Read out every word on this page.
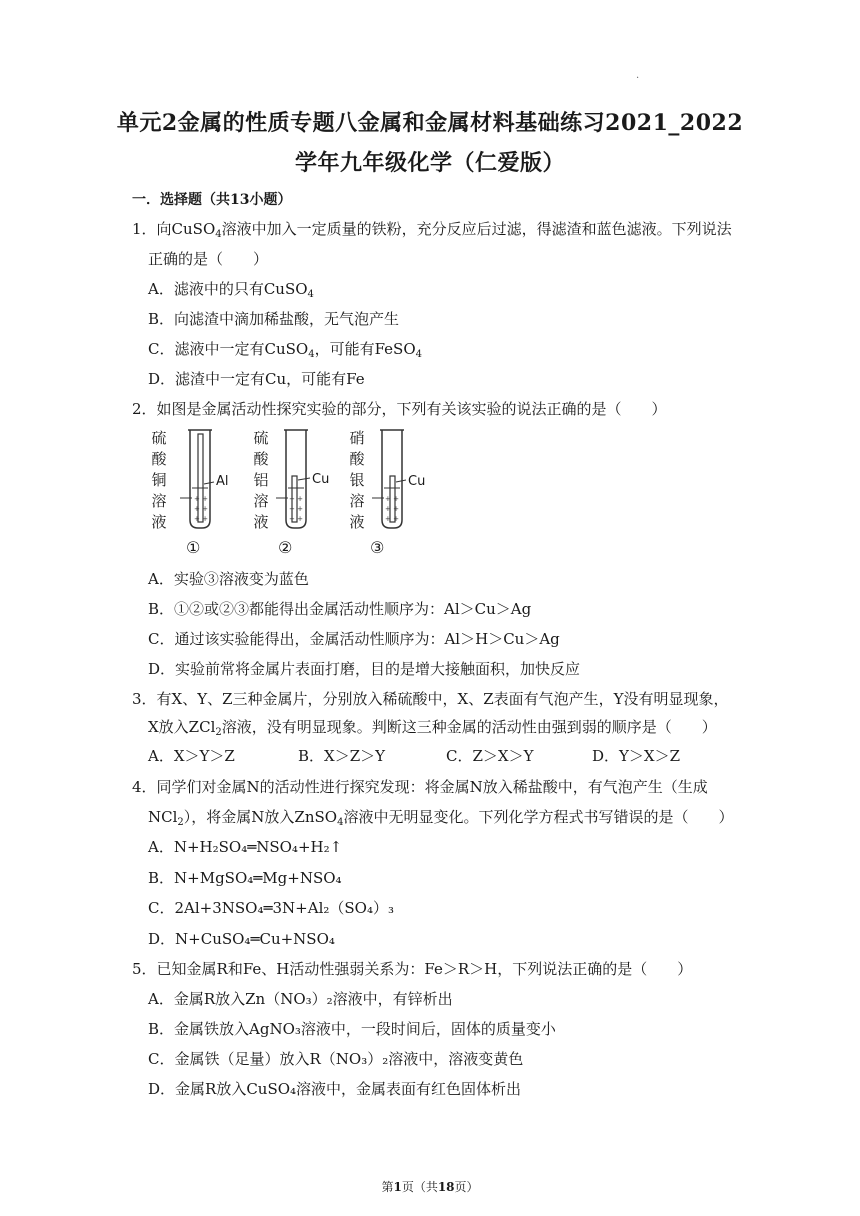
.
单元2金属的性质专题八金属和金属材料基础练习2021_2022
学年九年级化学（仁爱版）
一．选择题（共13小题）
1．向CuSO$_4$溶液中加入一定质量的铁粉，充分反应后过滤，得滤渣和蓝色滤液。下列说法
正确的是（　　）
A．滤液中的只有CuSO$_4$
B．向滤渣中滴加稀盐酸，无气泡产生
C．滤液中一定有CuSO$_4$，可能有FeSO$_4$
D．滤渣中一定有Cu，可能有Fe
2．如图是金属活动性探究实验的部分，下列有关该实验的说法正确的是（　　）
硫
酸
铜
溶
液
+ +
+ +
+ +
Al
①
硫
酸
铝
溶
液
+ +
+ +
+ +
Cu
②
硝
酸
银
溶
液
+ +
+ +
+ +
Cu
③
A．实验③溶液变为蓝色
B．①②或②③都能得出金属活动性顺序为：Al＞Cu＞Ag
C．通过该实验能得出，金属活动性顺序为：Al＞H＞Cu＞Ag
D．实验前常将金属片表面打磨，目的是增大接触面积，加快反应
3．有X、Y、Z三种金属片，分别放入稀硫酸中，X、Z表面有气泡产生，Y没有明显现象，
X放入ZCl$_2$溶液，没有明显现象。判断这三种金属的活动性由强到弱的顺序是（　　）
A．X＞Y＞Z	B．X＞Z＞Y	C．Z＞X＞Y	D．Y＞X＞Z
4．同学们对金属N的活动性进行探究发现：将金属N放入稀盐酸中，有气泡产生（生成
NCl$_2$），将金属N放入ZnSO$_4$溶液中无明显变化。下列化学方程式书写错误的是（　　）
A．N+H₂SO₄═NSO₄+H₂↑
B．N+MgSO₄═Mg+NSO₄
C．2Al+3NSO₄═3N+Al₂（SO₄）₃
D．N+CuSO₄═Cu+NSO₄
5．已知金属R和Fe、H活动性强弱关系为：Fe＞R＞H，下列说法正确的是（　　）
A．金属R放入Zn（NO₃）₂溶液中，有锌析出
B．金属铁放入AgNO₃溶液中，一段时间后，固体的质量变小
C．金属铁（足量）放入R（NO₃）₂溶液中，溶液变黄色
D．金属R放入CuSO₄溶液中，金属表面有红色固体析出
第1页（共18页）
